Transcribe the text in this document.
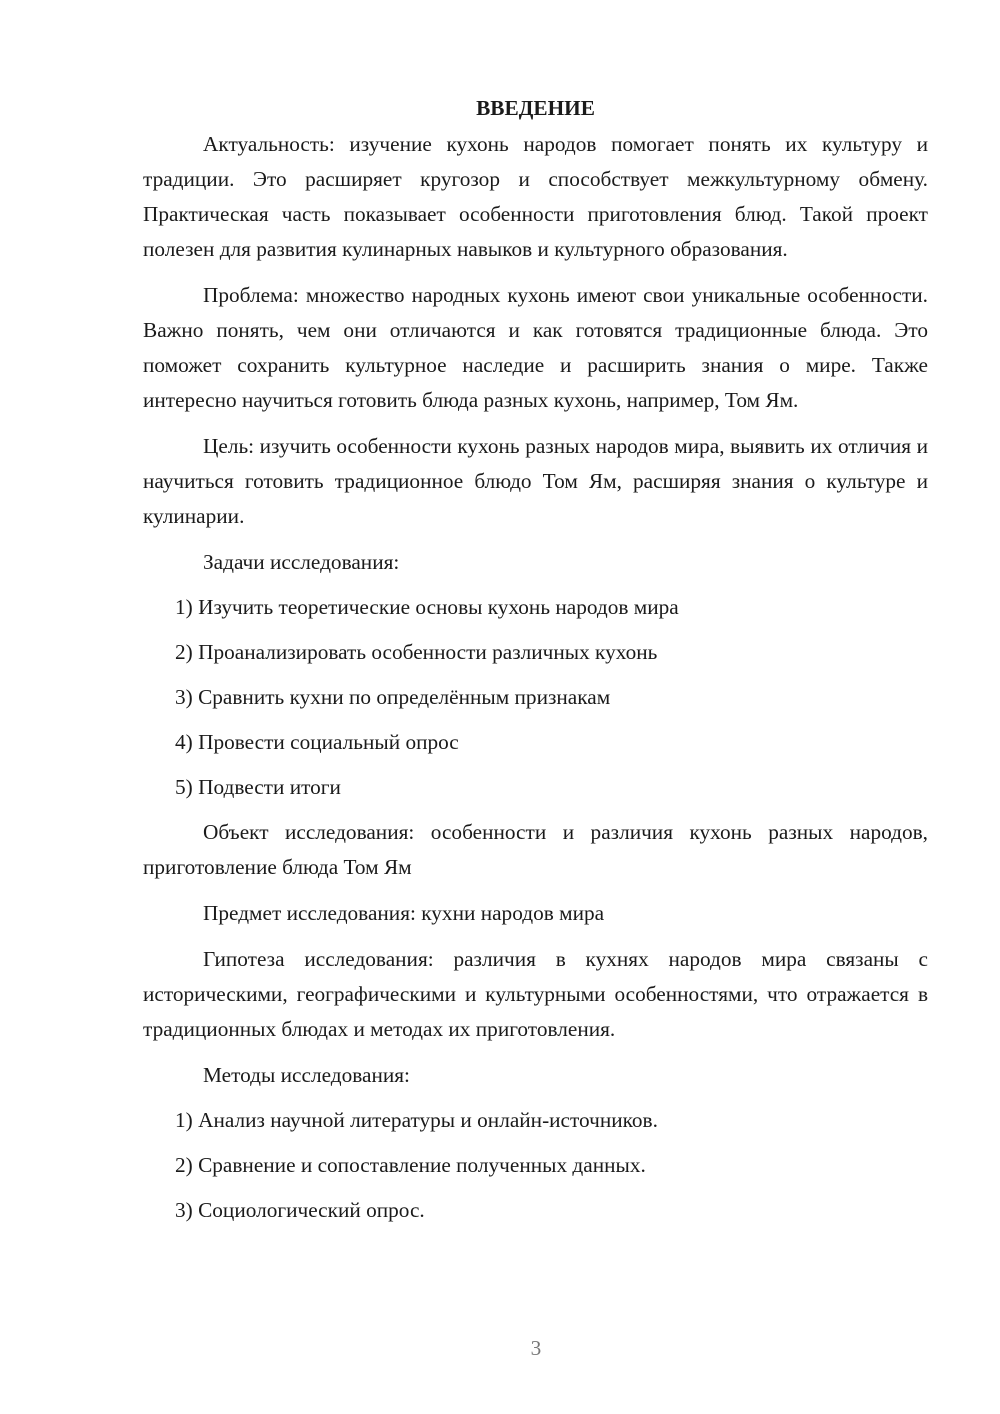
ВВЕДЕНИЕ

Актуальность: изучение кухонь народов помогает понять их культуру и традиции. Это расширяет кругозор и способствует межкультурному обмену. Практическая часть показывает особенности приготовления блюд. Такой проект полезен для развития кулинарных навыков и культурного образования.

Проблема: множество народных кухонь имеют свои уникальные особенности. Важно понять, чем они отличаются и как готовятся традиционные блюда. Это поможет сохранить культурное наследие и расширить знания о мире. Также интересно научиться готовить блюда разных кухонь, например, Том Ям.

Цель: изучить особенности кухонь разных народов мира, выявить их отличия и научиться готовить традиционное блюдо Том Ям, расширяя знания о культуре и кулинарии.

Задачи исследования:

1) Изучить теоретические основы кухонь народов мира
2) Проанализировать особенности различных кухонь
3) Сравнить кухни по определённым признакам
4) Провести социальный опрос
5) Подвести итоги

Объект исследования: особенности и различия кухонь разных народов, приготовление блюда Том Ям

Предмет исследования: кухни народов мира

Гипотеза исследования: различия в кухнях народов мира связаны с историческими, географическими и культурными особенностями, что отражается в традиционных блюдах и методах их приготовления.

Методы исследования:

1) Анализ научной литературы и онлайн-источников.
2) Сравнение и сопоставление полученных данных.
3) Социологический опрос.
3
